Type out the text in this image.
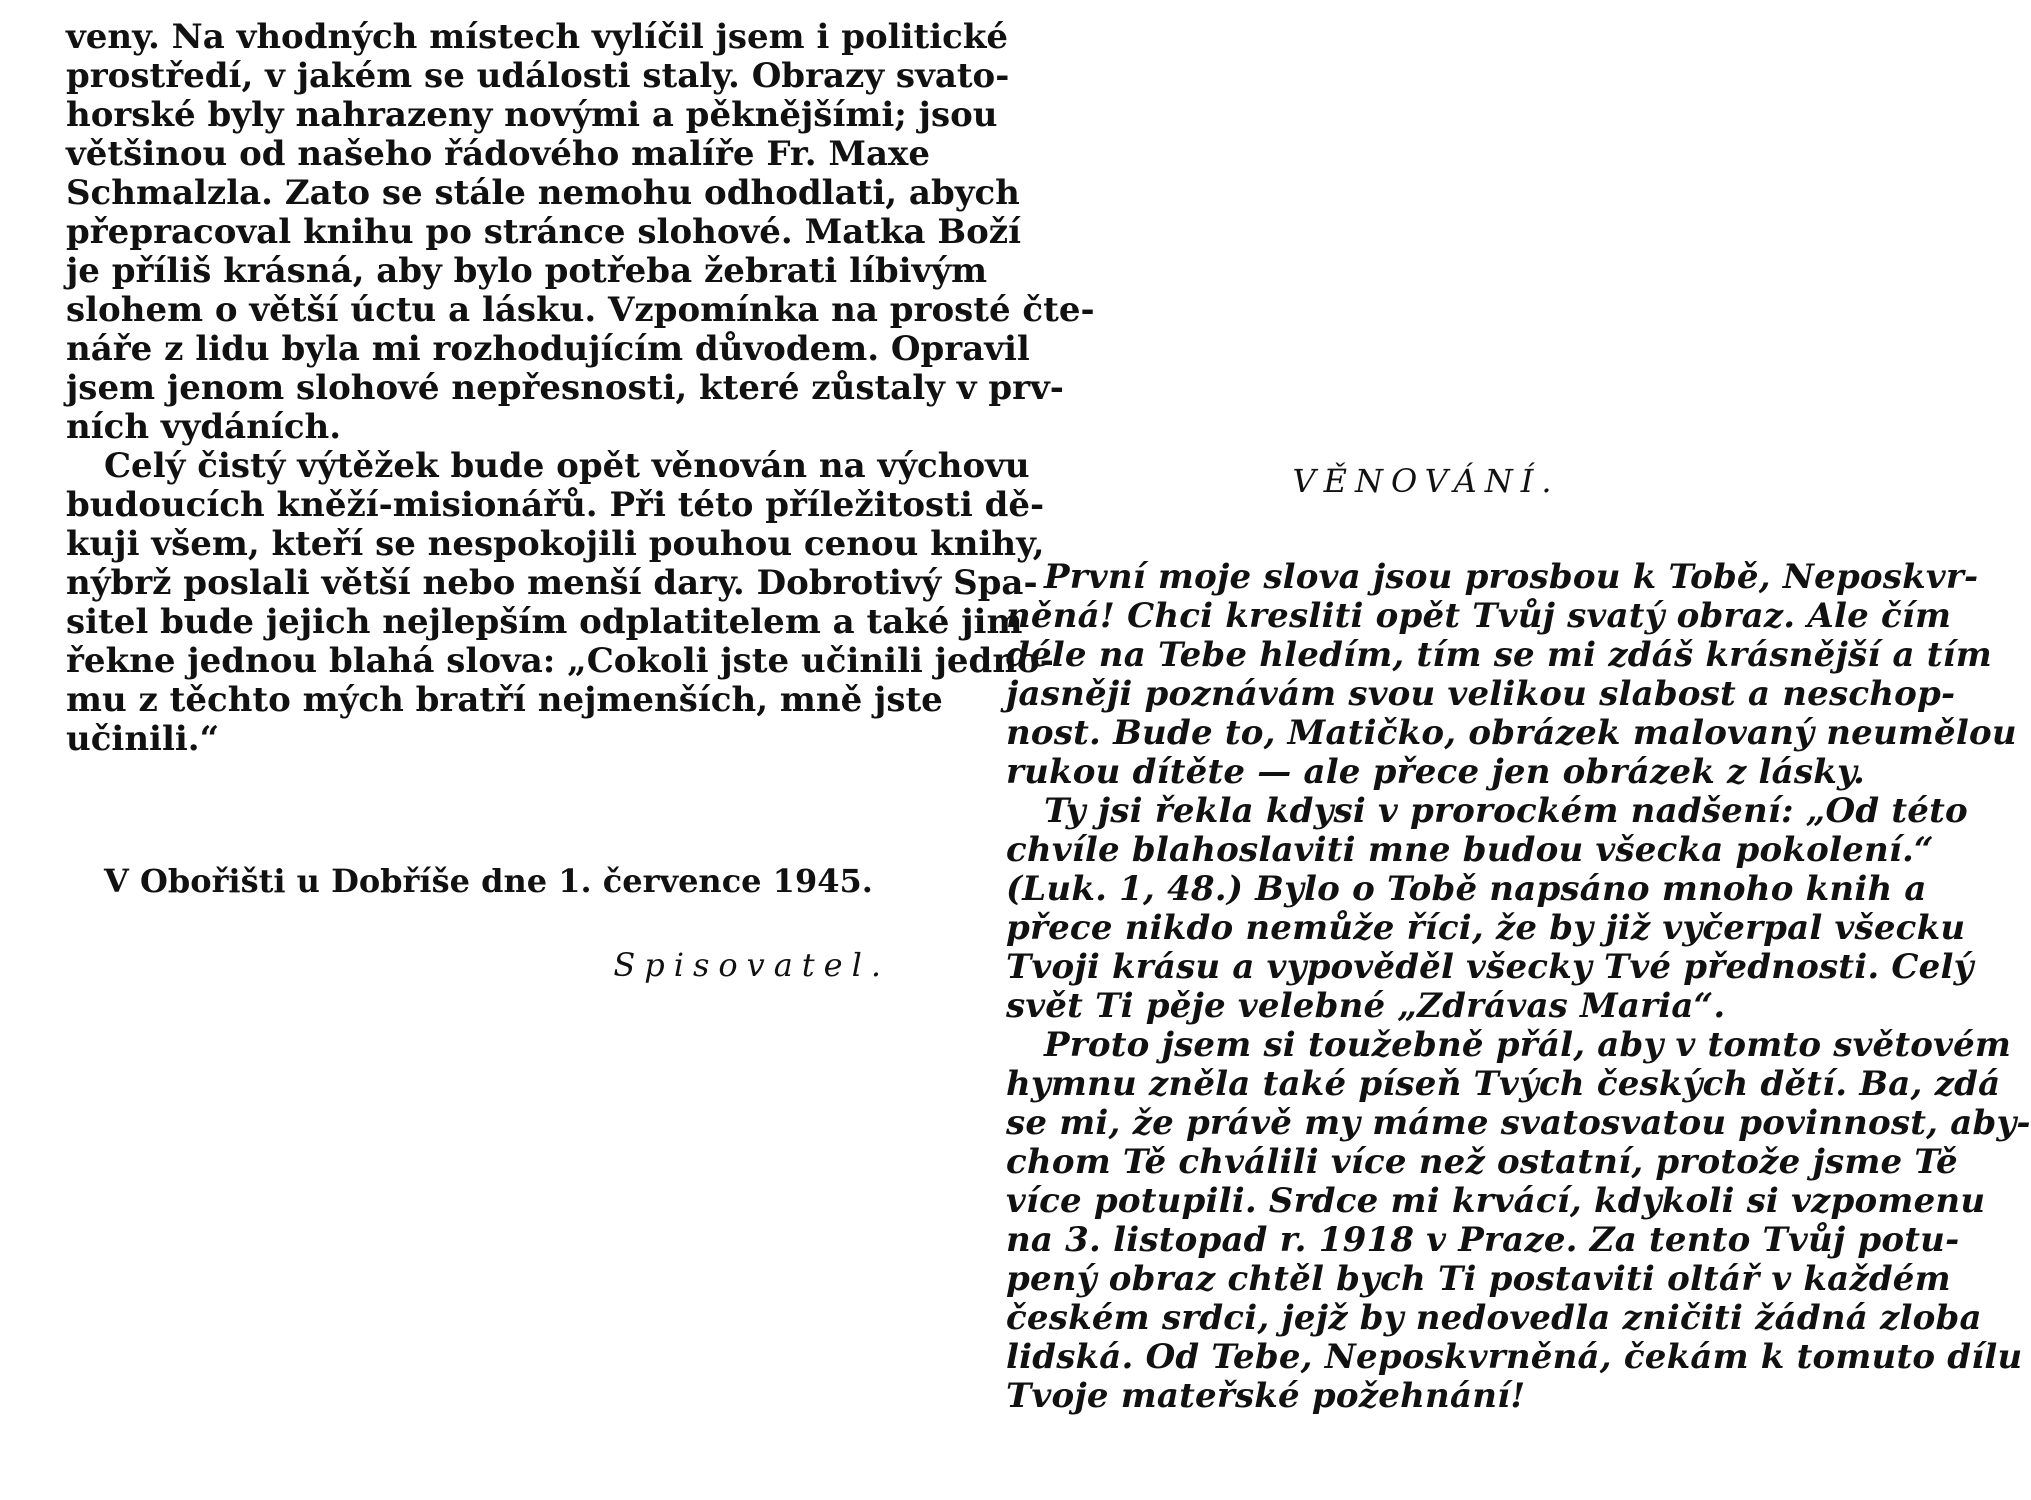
veny. Na vhodných místech vylíčil jsem i politické
prostředí, v jakém se události staly. Obrazy svato-
horské byly nahrazeny novými a pěknějšími; jsou
většinou od našeho řádového malíře Fr. Maxe
Schmalzla. Zato se stále nemohu odhodlati, abych
přepracoval knihu po stránce slohové. Matka Boží
je příliš krásná, aby bylo potřeba žebrati líbivým
slohem o větší úctu a lásku. Vzpomínka na prosté čte-
náře z lidu byla mi rozhodujícím důvodem. Opravil
jsem jenom slohové nepřesnosti, které zůstaly v prv-
ních vydáních.
Celý čistý výtěžek bude opět věnován na výchovu
budoucích kněží-misionářů. Při této příležitosti dě-
kuji všem, kteří se nespokojili pouhou cenou knihy,
nýbrž poslali větší nebo menší dary. Dobrotivý Spa-
sitel bude jejich nejlepším odplatitelem a také jim
řekne jednou blahá slova: „Cokoli jste učinili jedno-
mu z těchto mých bratří nejmenších, mně jste
učinili.“
V Obořišti u Dobříše dne 1. července 1945.
Spisovatel.
VĚNOVÁNÍ.
První moje slova jsou prosbou k Tobě, Neposkvr-
něná! Chci kresliti opět Tvůj svatý obraz. Ale čím
déle na Tebe hledím, tím se mi zdáš krásnější a tím
jasněji poznávám svou velikou slabost a neschop-
nost. Bude to, Matičko, obrázek malovaný neumělou
rukou dítěte — ale přece jen obrázek z lásky.
Ty jsi řekla kdysi v prorockém nadšení: „Od této
chvíle blahoslaviti mne budou všecka pokolení.“
(Luk. 1, 48.) Bylo o Tobě napsáno mnoho knih a
přece nikdo nemůže říci, že by již vyčerpal všecku
Tvoji krásu a vypověděl všecky Tvé přednosti. Celý
svět Ti pěje velebné „Zdrávas Maria“.
Proto jsem si toužebně přál, aby v tomto světovém
hymnu zněla také píseň Tvých českých dětí. Ba, zdá
se mi, že právě my máme svatosvatou povinnost, aby-
chom Tě chválili více než ostatní, protože jsme Tě
více potupili. Srdce mi krvácí, kdykoli si vzpomenu
na 3. listopad r. 1918 v Praze. Za tento Tvůj potu-
pený obraz chtěl bych Ti postaviti oltář v každém
českém srdci, jejž by nedovedla zničiti žádná zloba
lidská. Od Tebe, Neposkvrněná, čekám k tomuto dílu
Tvoje mateřské požehnání!
